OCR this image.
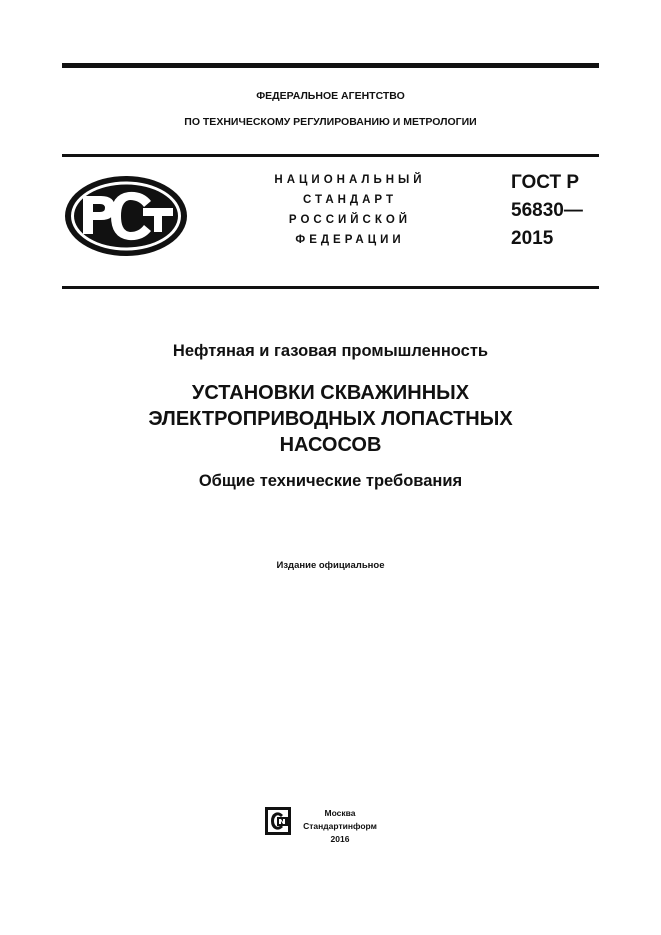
ФЕДЕРАЛЬНОЕ АГЕНТСТВО
ПО ТЕХНИЧЕСКОМУ РЕГУЛИРОВАНИЮ И МЕТРОЛОГИИ
НАЦИОНАЛЬНЫЙ
СТАНДАРТ
РОССИЙСКОЙ
ФЕДЕРАЦИИ
ГОСТ Р
56830—
2015
Нефтяная и газовая промышленность
УСТАНОВКИ СКВАЖИННЫХ
ЭЛЕКТРОПРИВОДНЫХ ЛОПАСТНЫХ
НАСОСОВ
Общие технические требования
Издание официальное
Москва
Стандартинформ
2016
